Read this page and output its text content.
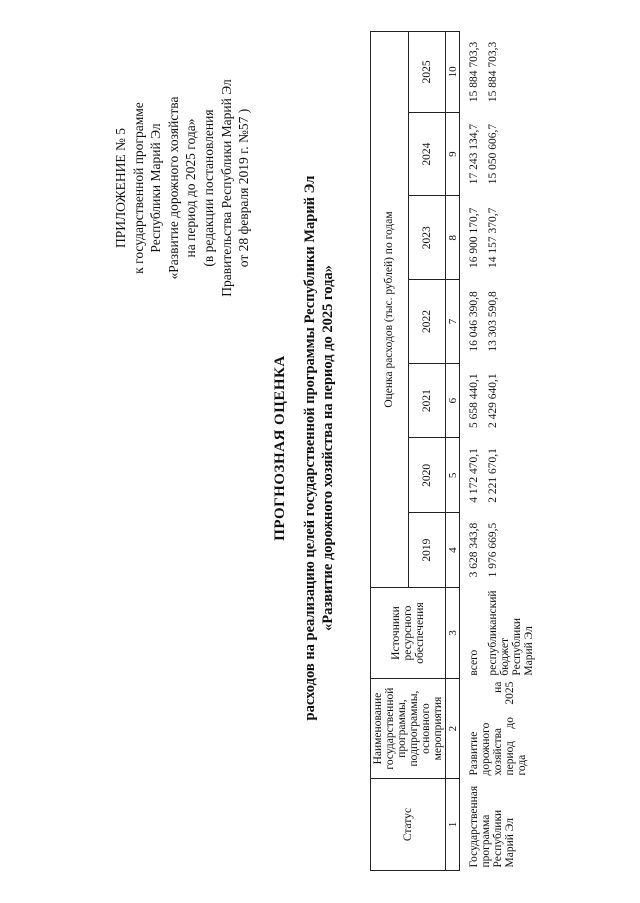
ПРИЛОЖЕНИЕ № 5 к государственной программе Республики Марий Эл «Развитие дорожного хозяйства на период до 2025 года» (в редакции постановления Правительства Республики Марий Эл от 28 февраля 2019 г. №57 )
ПРОГНОЗНАЯ ОЦЕНКА расходов на реализацию целей государственной программы Республики Марий Эл «Развитие дорожного хозяйства на период до 2025 года»
Статус	Наименование государственной программы, подпрограммы, основного мероприятия	Источники ресурсного обеспечения	Оценка расходов (тыс. рублей) по годам						
			2019	2020	2021	2022	2023	2024	2025
1	2	3	4	5	6	7	8	9	10
Государственная программа Республики Марий Эл	Развитие дорожного хозяйства на период до 2025 года	всего	3 628 343,8	4 172 470,1	5 658 440,1	16 046 390,8	16 900 170,7	17 243 134,7	15 884 703,3
		республиканский бюджет Республики Марий Эл	1 976 669,5	2 221 670,1	2 429 640,1	13 303 590,8	14 157 370,7	15 050 606,7	15 884 703,3
